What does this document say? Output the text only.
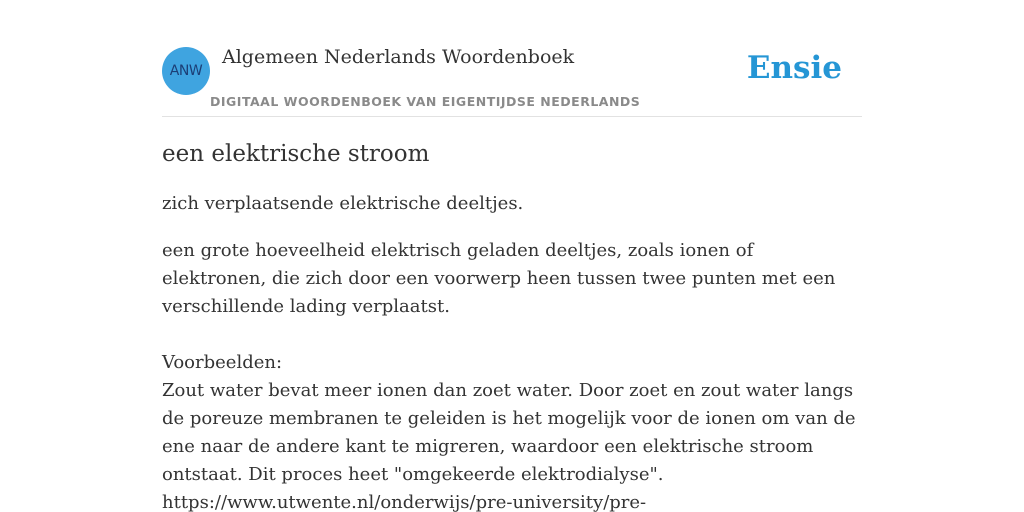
ANW
Algemeen Nederlands Woordenboek
DIGITAAL WOORDENBOEK VAN EIGENTIJDSE NEDERLANDS
Ensie
een elektrische stroom

zich verplaatsende elektrische deeltjes.

een grote hoeveelheid elektrisch geladen deeltjes, zoals ionen of elektronen, die zich door een voorwerp heen tussen twee punten met een verschillende lading verplaatst.
Voorbeelden:
Zout water bevat meer ionen dan zoet water. Door zoet en zout water langs de poreuze membranen te geleiden is het mogelijk voor de ionen om van de ene naar de andere kant te migreren, waardoor een elektrische stroom ontstaat. Dit proces heet "omgekeerde elektrodialyse".
https://www.utwente.nl/onderwijs/pre-university/pre-
